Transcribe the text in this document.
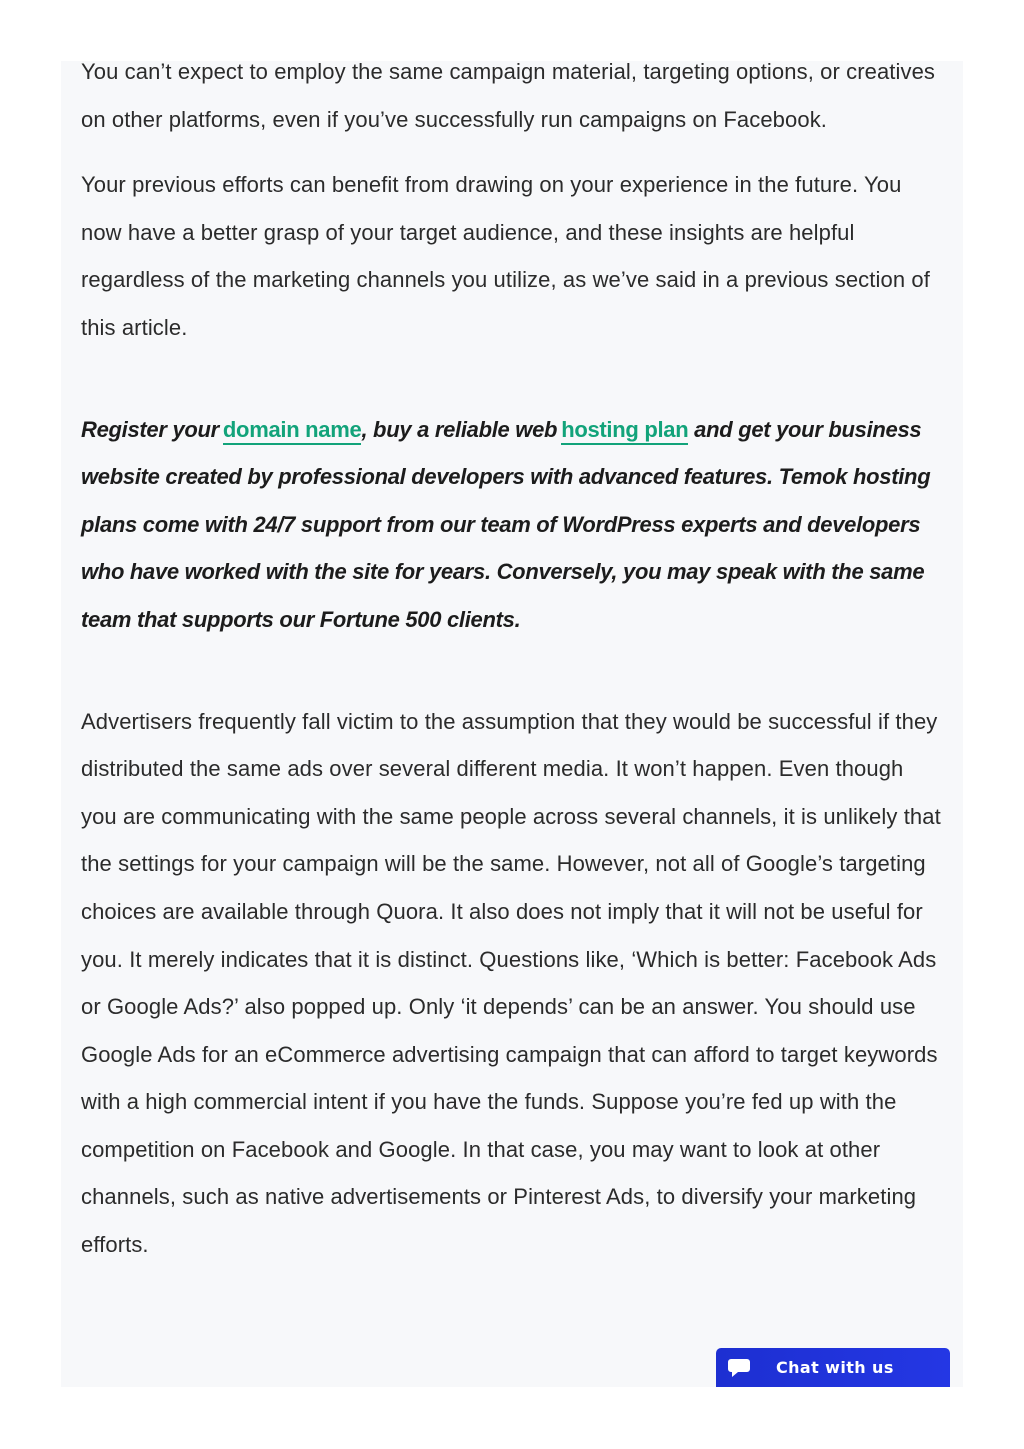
You can’t expect to employ the same campaign material, targeting options, or creatives on other platforms, even if you’ve successfully run campaigns on Facebook.

Your previous efforts can benefit from drawing on your experience in the future. You now have a better grasp of your target audience, and these insights are helpful regardless of the marketing channels you utilize, as we’ve said in a previous section of this article.

Register your domain name, buy a reliable web hosting plan and get your business website created by professional developers with advanced features. Temok hosting plans come with 24/7 support from our team of WordPress experts and developers who have worked with the site for years. Conversely, you may speak with the same team that supports our Fortune 500 clients.

Advertisers frequently fall victim to the assumption that they would be successful if they distributed the same ads over several different media. It won’t happen. Even though you are communicating with the same people across several channels, it is unlikely that the settings for your campaign will be the same. However, not all of Google’s targeting choices are available through Quora. It also does not imply that it will not be useful for you. It merely indicates that it is distinct. Questions like, ‘Which is better: Facebook Ads or Google Ads?’ also popped up. Only ‘it depends’ can be an answer. You should use Google Ads for an eCommerce advertising campaign that can afford to target keywords with a high commercial intent if you have the funds. Suppose you’re fed up with the competition on Facebook and Google. In that case, you may want to look at other channels, such as native advertisements or Pinterest Ads, to diversify your marketing efforts.

Chat with us
